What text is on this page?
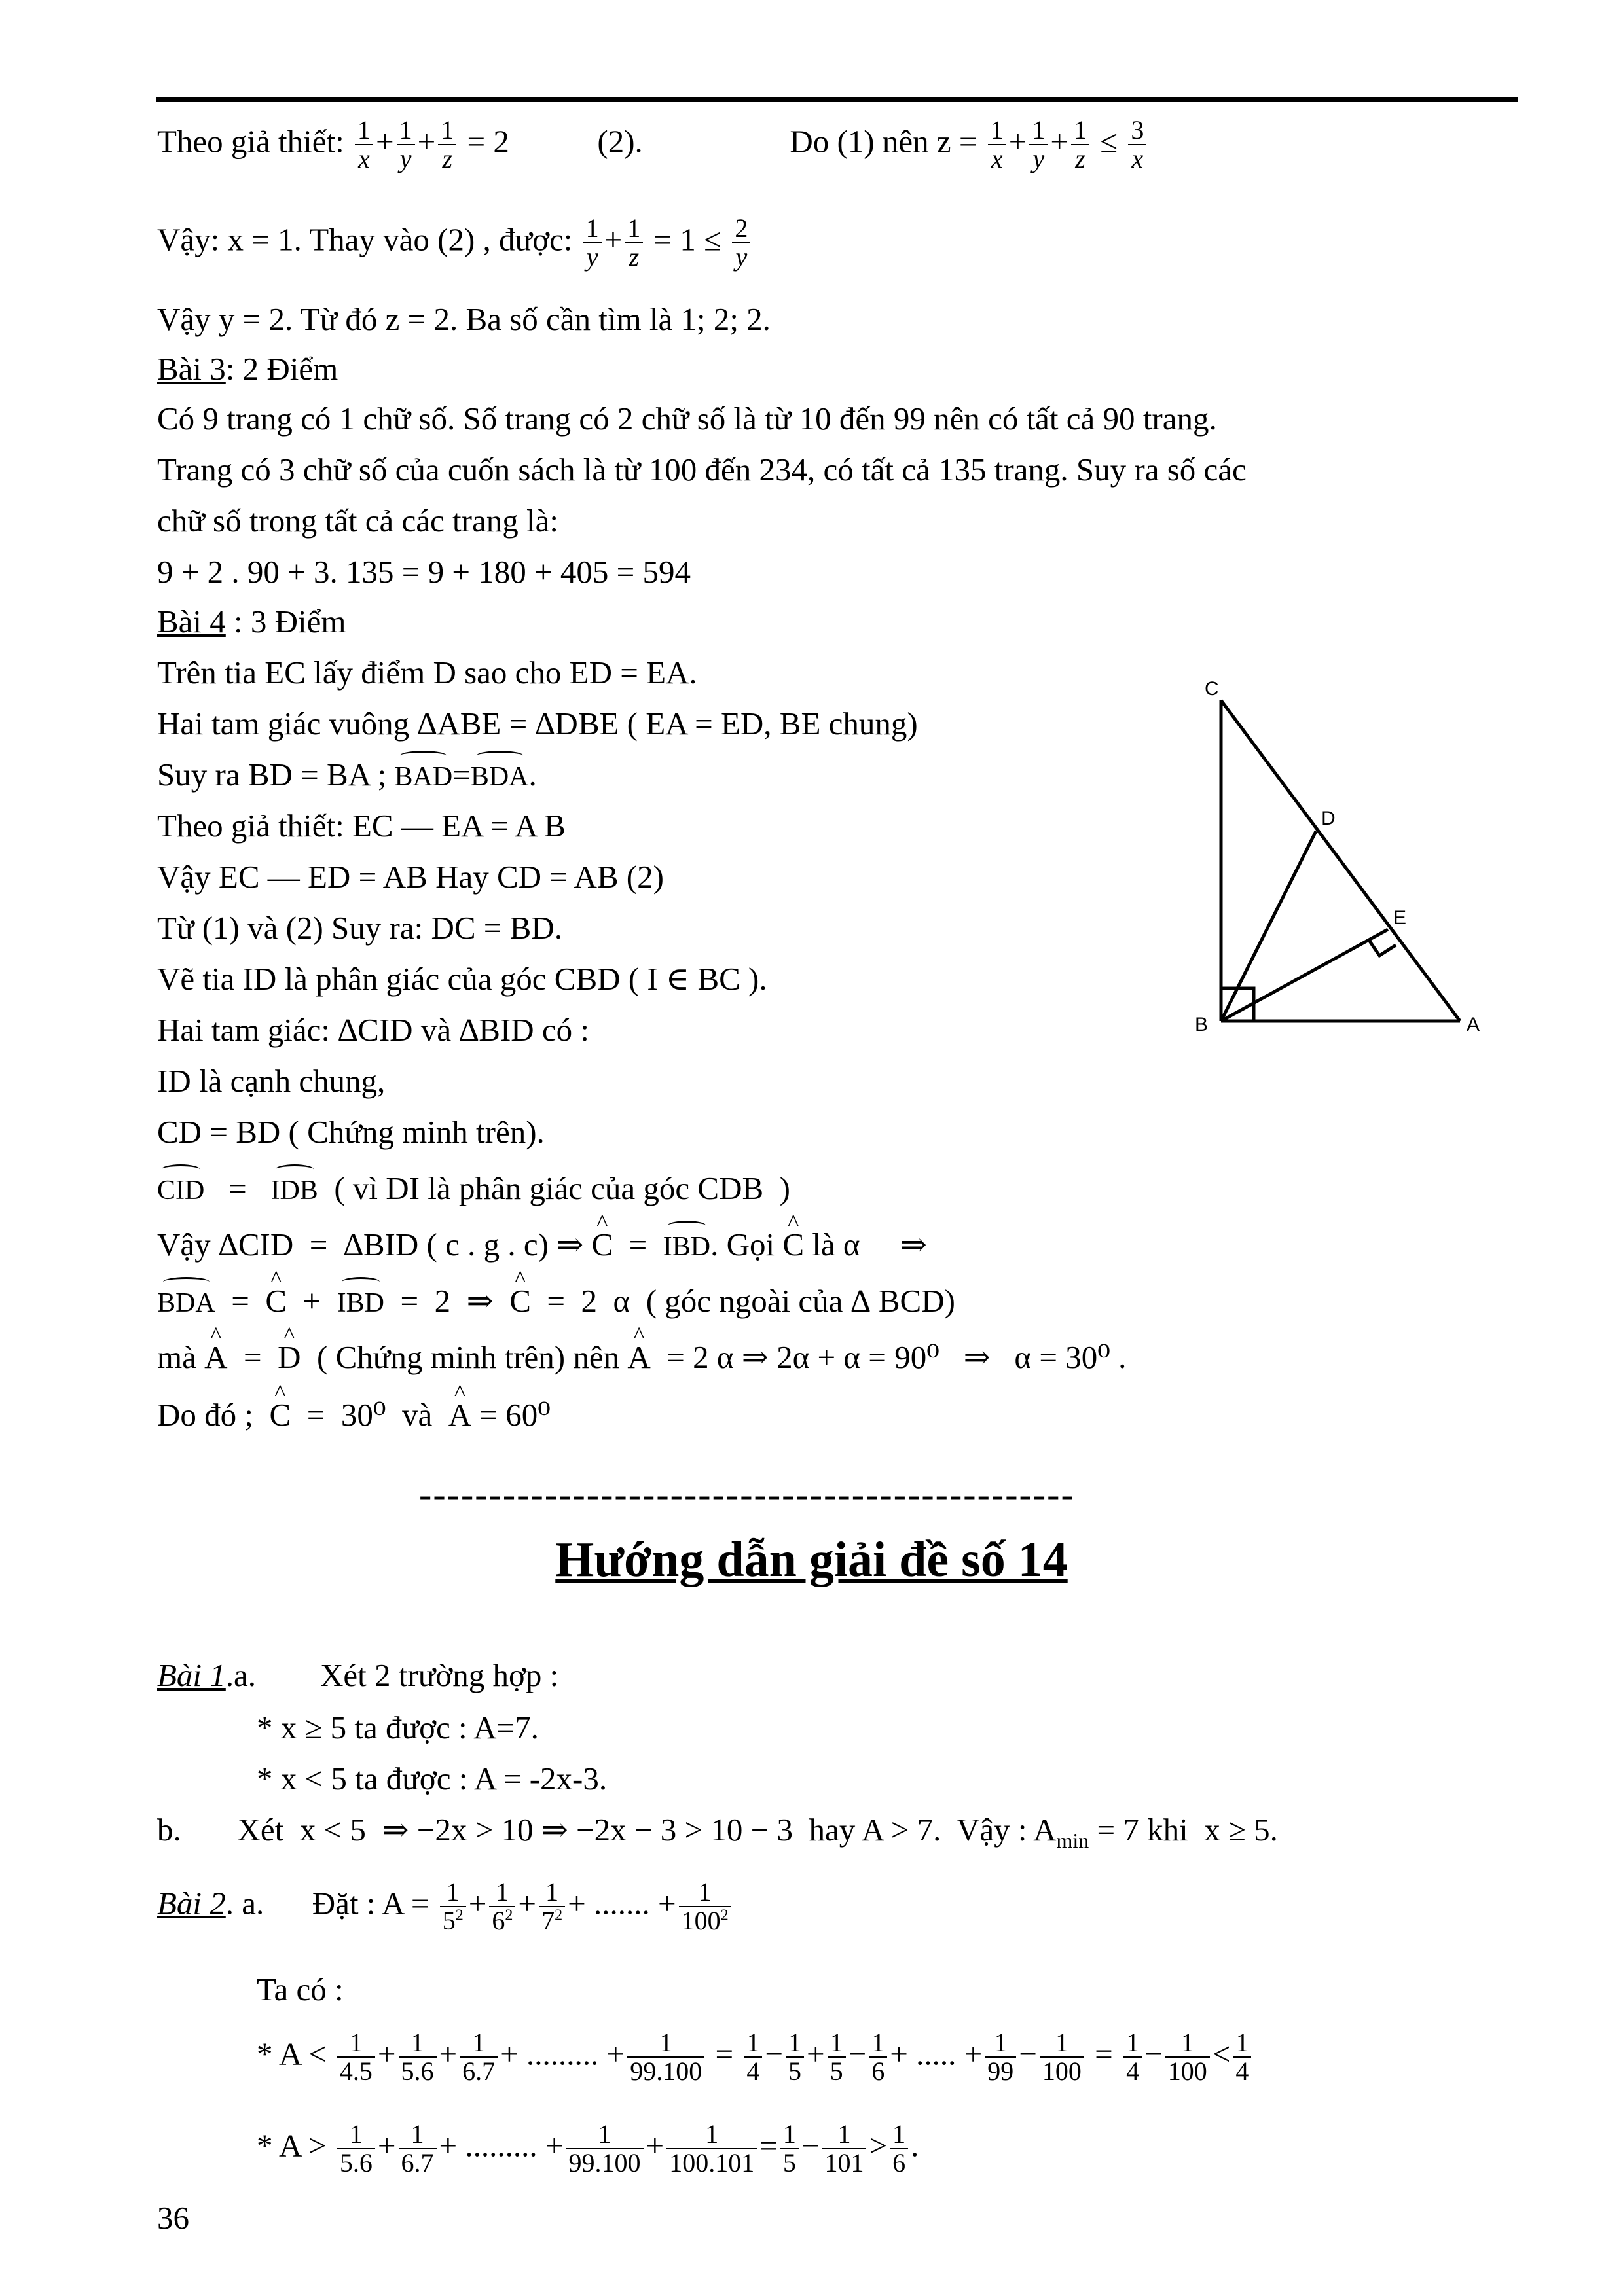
Theo giả thiết: $\frac{1}{x} + \frac{1}{y} + \frac{1}{z} = 2$	(2).	Do (1) nên $z = \frac{1}{x} + \frac{1}{y} + \frac{1}{z} \le \frac{3}{x}$
Vậy: x = 1. Thay vào (2) , được: $\frac{1}{y} + \frac{1}{z} = 1 \le \frac{2}{y}$
Vậy y = 2. Từ đó z = 2. Ba số cần tìm là 1; 2; 2.
Bài 3: 2 Điểm
Có 9 trang có 1 chữ số. Số trang có 2 chữ số là từ 10 đến 99 nên có tất cả 90 trang.
Trang có 3 chữ số của cuốn sách là từ 100 đến 234, có tất cả 135 trang. Suy ra số các
chữ số trong tất cả các trang là:
9 + 2 . 90 + 3. 135 = 9 + 180 + 405 = 594
Bài 4 : 3 Điểm
Trên tia EC lấy điểm D sao cho ED = EA.
Hai tam giác vuông ∆ABE = ∆DBE ( EA = ED, BE chung)
Suy ra BD = BA ; BAD=BDA.
Theo giả thiết: EC — EA = A B
Vậy EC — ED = AB Hay CD = AB (2)
Từ (1) và (2) Suy ra: DC = BD.
Vẽ tia ID là phân giác của góc CBD ( I ∈ BC ).
Hai tam giác: ∆CID và ∆BID có :
ID là cạnh chung,
CD = BD ( Chứng minh trên).
CID   =   IDB  ( vì DI là phân giác của góc CDB  )
Vậy ∆CID  =  ∆BID ( c . g . c) ⇒ ^ C  =  IBD. Gọi ^ C là α     ⇒
BDA  =  ^ C  +  IBD  =  2  ⇒  ^ C  =  2  α  ( góc ngoài của ∆ BCD)
mà ^ A  =  ^ D  ( Chứng minh trên) nên ^ A  = 2 α ⇒ 2α + α = 90⁰   ⇒   α = 30⁰ .
Do đó ;  ^ C  =  30⁰  và  ^ A = 60⁰
C
D
E
B	A
-----------------------------------------------
Hướng dẫn giải đề số 14
Bài 1.a.        Xét 2 trường hợp :
* x ≥ 5 ta được : A=7.
* x < 5 ta được : A = -2x-3.
b.       Xét  x < 5  ⇒ −2x > 10 ⇒ −2x − 3 > 10 − 3  hay A > 7.  Vậy : $A_{min} = 7$ khi  x ≥ 5.
Bài 2. a.      Đặt : $A = \frac{1}{5^2} + \frac{1}{6^2} + \frac{1}{7^2}$ + ....... + $\frac{1}{100^2}$
Ta có :
* $A < \frac{1}{4.5} + \frac{1}{5.6} + \frac{1}{6.7}$ + ......... + $\frac{1}{99.100} = \frac{1}{4} - \frac{1}{5} + \frac{1}{5} - \frac{1}{6}$ + ..... + $\frac{1}{99} - \frac{1}{100} = \frac{1}{4} - \frac{1}{100} < \frac{1}{4}$
* $A > \frac{1}{5.6} + \frac{1}{6.7}$ + ......... + $\frac{1}{99.100} + \frac{1}{100.101} = \frac{1}{5} - \frac{1}{101} > \frac{1}{6}$ .
36
